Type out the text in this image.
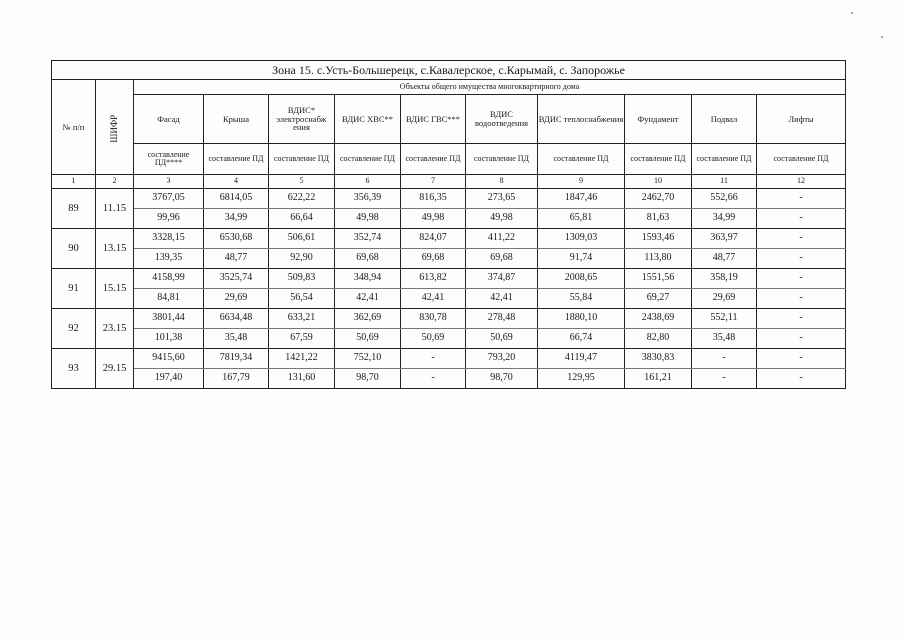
Зона 15. с.Усть-Большерецк, с.Кавалерское, с.Карымай, с. Запорожье											
№ п/п	ШИФР	Объекты общего имущества многоквартирного дома									
		Фасад	Крыша	ВДИС* электроснабж ения	ВДИС ХВС**	ВДИС ГВС***	ВДИС водоотведения	ВДИС теплоснабжения	Фундамент	Подвал	Лифты
		составление ПД****	составление ПД	составление ПД	составление ПД	составление ПД	составление ПД	составление ПД	составление ПД	составление ПД	составление ПД
1	2	3	4	5	6	7	8	9	10	11	12
89	11.15	3767,05	6814,05	622,22	356,39	816,35	273,65	1847,46	2462,70	552,66	-
		99,96	34,99	66,64	49,98	49,98	49,98	65,81	81,63	34,99	-
90	13.15	3328,15	6530,68	506,61	352,74	824,07	411,22	1309,03	1593,46	363,97	-
		139,35	48,77	92,90	69,68	69,68	69,68	91,74	113,80	48,77	-
91	15.15	4158,99	3525,74	509,83	348,94	613,82	374,87	2008,65	1551,56	358,19	-
		84,81	29,69	56,54	42,41	42,41	42,41	55,84	69,27	29,69	-
92	23.15	3801,44	6634,48	633,21	362,69	830,78	278,48	1880,10	2438,69	552,11	-
		101,38	35,48	67,59	50,69	50,69	50,69	66,74	82,80	35,48	-
93	29.15	9415,60	7819,34	1421,22	752,10	-	793,20	4119,47	3830,83	-	-
		197,40	167,79	131,60	98,70	-	98,70	129,95	161,21	-	-
